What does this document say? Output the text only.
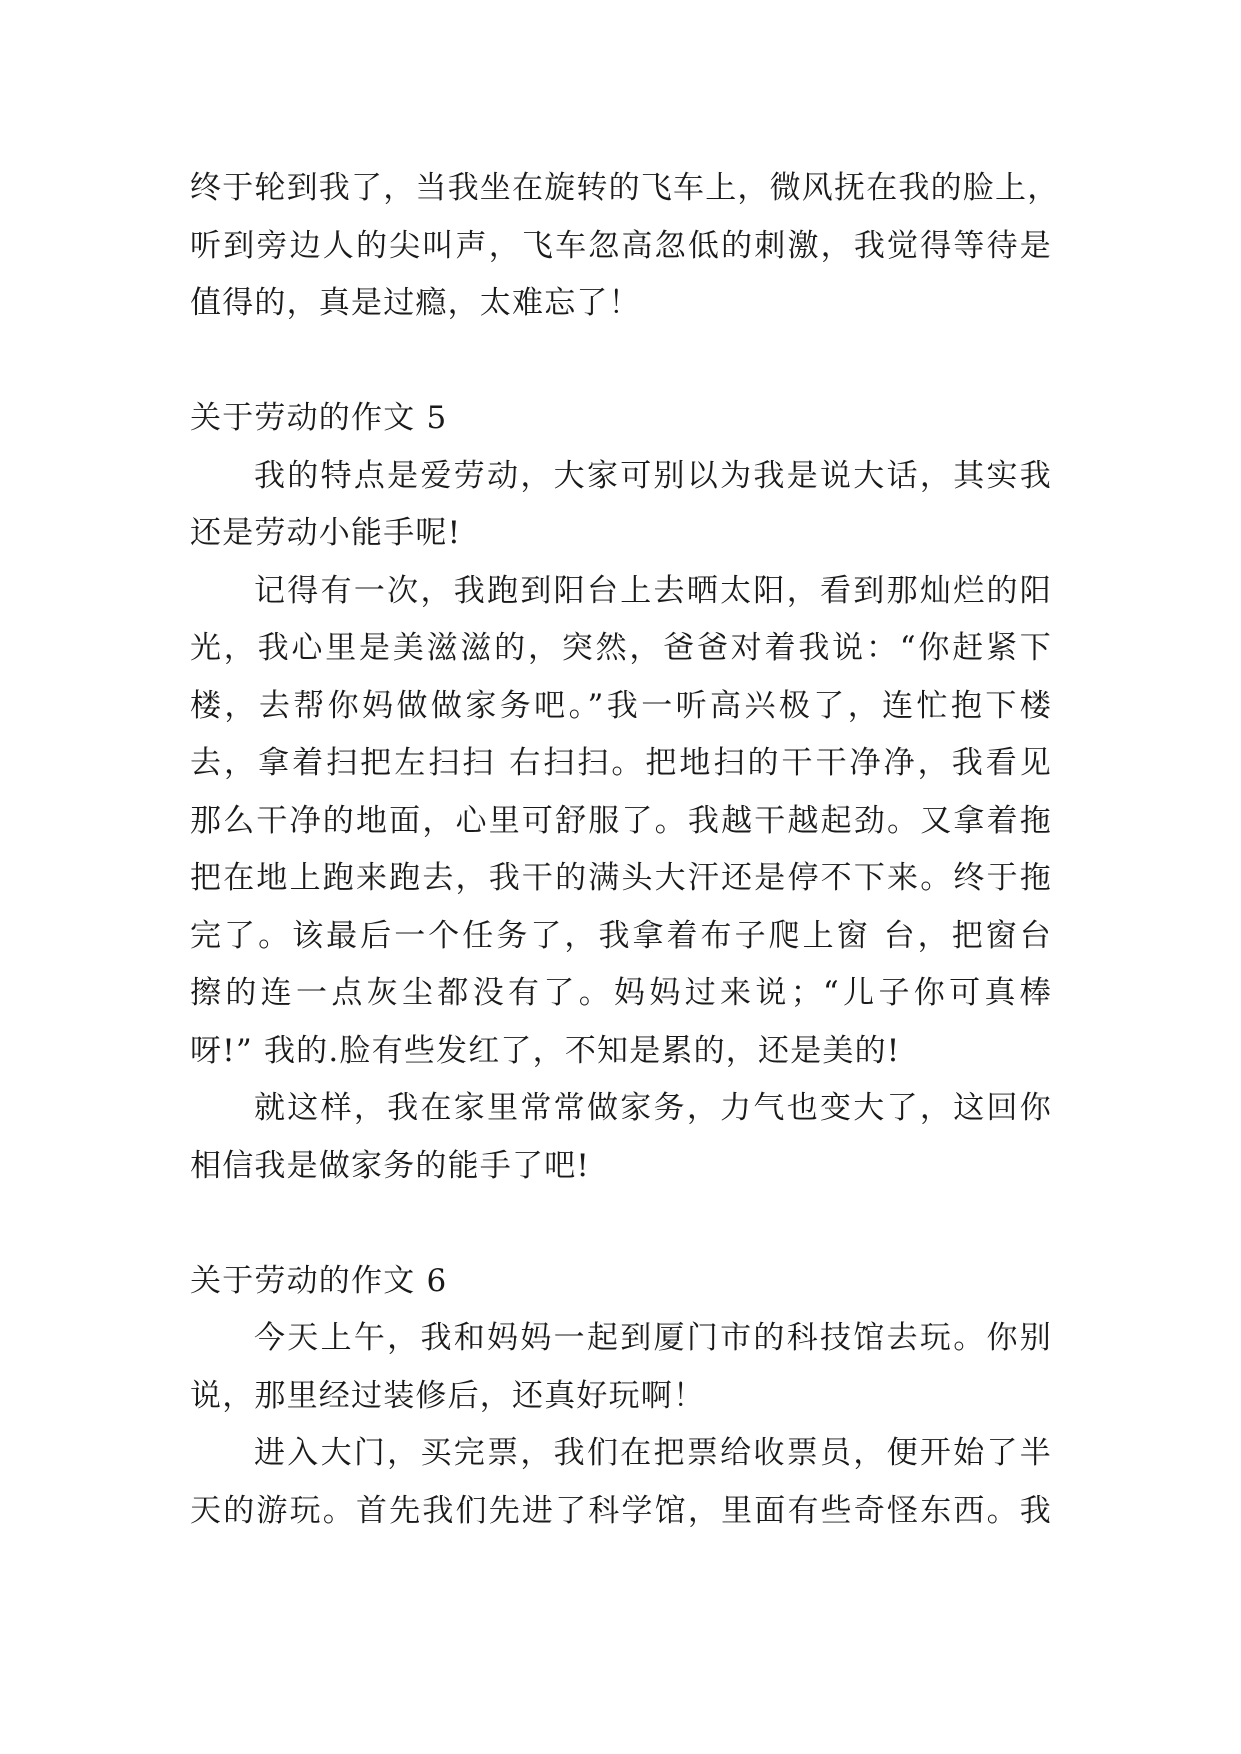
终于轮到我了，当我坐在旋转的飞车上，微风抚在我的脸上，
听到旁边人的尖叫声，飞车忽高忽低的刺激，我觉得等待是
值得的，真是过瘾，太难忘了！
关于劳动的作文 5
我的特点是爱劳动，大家可别以为我是说大话，其实我
还是劳动小能手呢!
记得有一次，我跑到阳台上去晒太阳，看到那灿烂的阳
光，我心里是美滋滋的，突然，爸爸对着我说：“你赶紧下
楼，去帮你妈做做家务吧。”我一听高兴极了，连忙抱下楼
去，拿着扫把左扫扫 右扫扫。把地扫的干干净净，我看见
那么干净的地面，心里可舒服了。我越干越起劲。又拿着拖
把在地上跑来跑去，我干的满头大汗还是停不下来。终于拖
完了。该最后一个任务了，我拿着布子爬上窗 台，把窗台
擦的连一点灰尘都没有了。妈妈过来说；“儿子你可真棒
呀!” 我的.脸有些发红了，不知是累的，还是美的!
就这样，我在家里常常做家务，力气也变大了，这回你
相信我是做家务的能手了吧!
关于劳动的作文 6
今天上午，我和妈妈一起到厦门市的科技馆去玩。你别
说，那里经过装修后，还真好玩啊！
进入大门，买完票，我们在把票给收票员，便开始了半
天的游玩。首先我们先进了科学馆，里面有些奇怪东西。我
